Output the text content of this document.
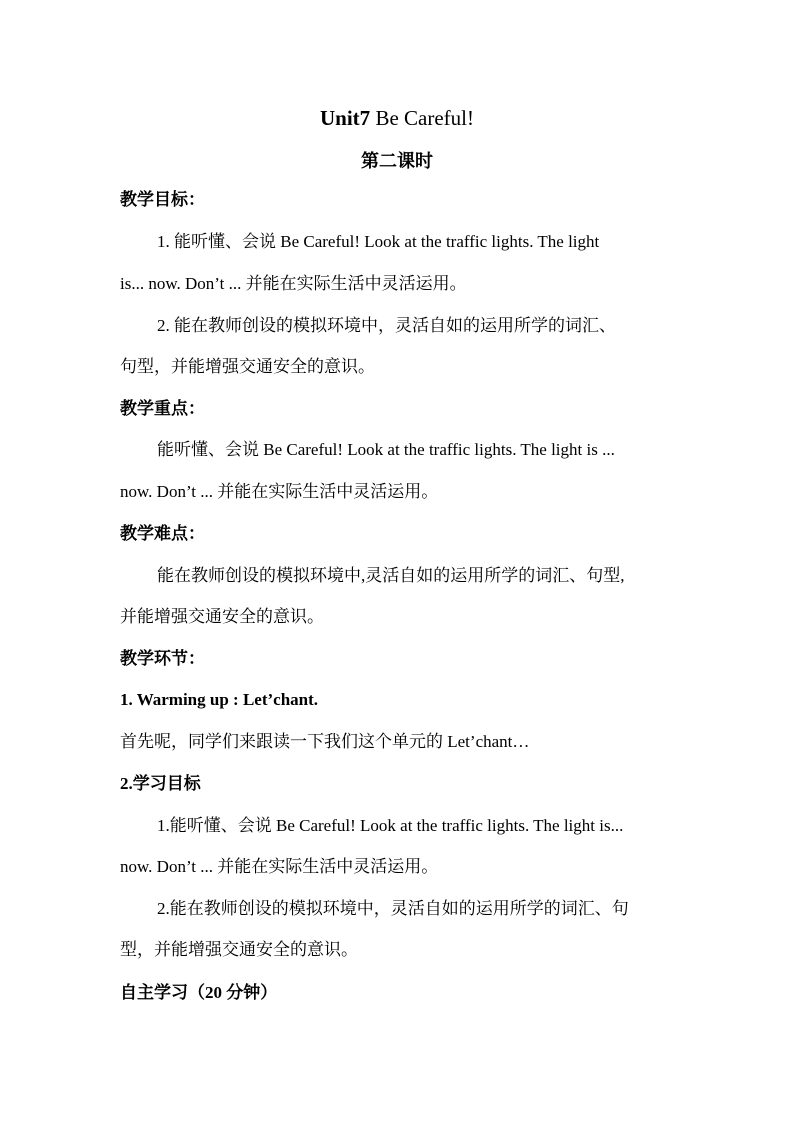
Unit7 Be Careful!
第二课时
教学目标：
1. 能听懂、会说 Be Careful! Look at the traffic lights. The light
is... now. Don’t ... 并能在实际生活中灵活运用。
2. 能在教师创设的模拟环境中，灵活自如的运用所学的词汇、
句型，并能增强交通安全的意识。
教学重点：
能听懂、会说 Be Careful! Look at the traffic lights. The light is ...
now. Don’t ... 并能在实际生活中灵活运用。
教学难点：
能在教师创设的模拟环境中,灵活自如的运用所学的词汇、句型,
并能增强交通安全的意识。
教学环节：
1. Warming up : Let’chant.
首先呢，同学们来跟读一下我们这个单元的 Let’chant…
2.学习目标
1.能听懂、会说 Be Careful! Look at the traffic lights. The light is...
now. Don’t ... 并能在实际生活中灵活运用。
2.能在教师创设的模拟环境中，灵活自如的运用所学的词汇、句
型，并能增强交通安全的意识。
自主学习（20 分钟）
